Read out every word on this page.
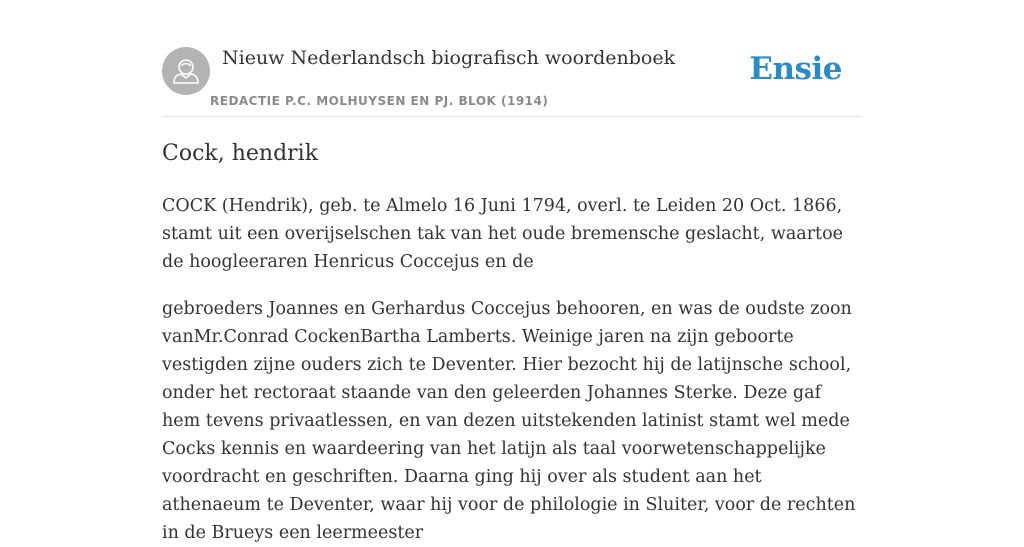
Nieuw Nederlandsch biografisch woordenboek
REDACTIE P.C. MOLHUYSEN EN PJ. BLOK (1914)
Ensie
Cock, hendrik

COCK (Hendrik), geb. te Almelo 16 Juni 1794, overl. te Leiden 20 Oct. 1866, stamt uit een overijselschen tak van het oude bremensche geslacht, waartoe de hoogleeraren Henricus Coccejus en de

gebroeders Joannes en Gerhardus Coccejus behooren, en was de oudste zoon vanMr.Conrad CockenBartha Lamberts. Weinige jaren na zijn geboorte vestigden zijne ouders zich te Deventer. Hier bezocht hij de latijnsche school, onder het rectoraat staande van den geleerden Johannes Sterke. Deze gaf hem tevens privaatlessen, en van dezen uitstekenden latinist stamt wel mede Cocks kennis en waardeering van het latijn als taal voorwetenschappelijke voordracht en geschriften. Daarna ging hij over als student aan het athenaeum te Deventer, waar hij voor de philologie in Sluiter, voor de rechten in de Brueys een leermeester
